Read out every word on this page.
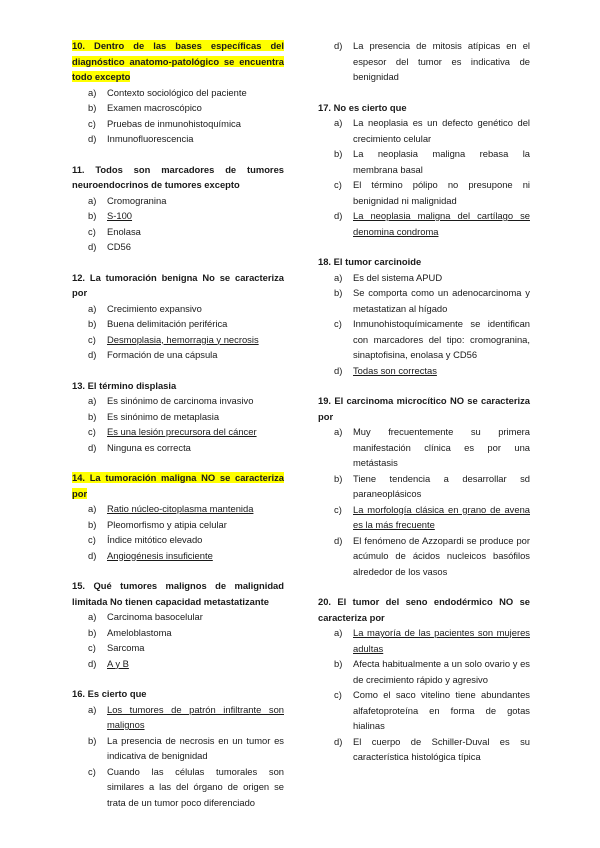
10. Dentro de las bases específicas del diagnóstico anatomo-patológico se encuentra todo excepto
a)	Contexto sociológico del paciente
b)	Examen macroscópico
c)	Pruebas de inmunohistoquímica
d)	Inmunofluorescencia
11. Todos son marcadores de tumores neuroendocrinos de tumores excepto
a)	Cromogranina
b)	S-100
c)	Enolasa
d)	CD56
12. La tumoración benigna No se caracteriza por
a)	Crecimiento expansivo
b)	Buena delimitación periférica
c)	Desmoplasia, hemorragia y necrosis
d)	Formación de una cápsula
13. El término displasia
a)	Es sinónimo de carcinoma invasivo
b)	Es sinónimo de metaplasia
c)	Es una lesión precursora del cáncer
d)	Ninguna es correcta
14. La tumoración maligna NO se caracteriza por
a)	Ratio núcleo-citoplasma mantenida
b)	Pleomorfismo y atipia celular
c)	Índice mitótico elevado
d)	Angiogénesis insuficiente
15. Qué tumores malignos de malignidad limitada No tienen capacidad metastatizante
a)	Carcinoma basocelular
b)	Ameloblastoma
c)	Sarcoma
d)	A y B
16. Es cierto que
a)	Los tumores de patrón infiltrante son malignos
b)	La presencia de necrosis en un tumor es indicativa de benignidad
c)	Cuando las células tumorales son similares a las del órgano de origen se trata de un tumor poco diferenciado
d)	La presencia de mitosis atípicas en el espesor del tumor es indicativa de benignidad
17. No es cierto que
a)	La neoplasia es un defecto genético del crecimiento celular
b)	La neoplasia maligna rebasa la membrana basal
c)	El término pólipo no presupone ni benignidad ni malignidad
d)	La neoplasia maligna del cartílago se denomina condroma
18. El tumor carcinoide
a)	Es del sistema APUD
b)	Se comporta como un adenocarcinoma y metastatizan al hígado
c)	Inmunohistoquímicamente se identifican con marcadores del tipo: cromogranina, sinaptofisina, enolasa y CD56
d)	Todas son correctas
19. El carcinoma microcítico NO se caracteriza por
a)	Muy frecuentemente su primera manifestación clínica es por una metástasis
b)	Tiene tendencia a desarrollar sd paraneoplásicos
c)	La morfología clásica en grano de avena es la más frecuente
d)	El fenómeno de Azzopardi se produce por acúmulo de ácidos nucleicos basófilos alrededor de los vasos
20. El tumor del seno endodérmico NO se caracteriza por
a)	La mayoría de las pacientes son mujeres adultas
b)	Afecta habitualmente a un solo ovario y es de crecimiento rápido y agresivo
c)	Como el saco vitelino tiene abundantes alfafetoproteína en forma de gotas hialinas
d)	El cuerpo de Schiller-Duval es su característica histológica típica
